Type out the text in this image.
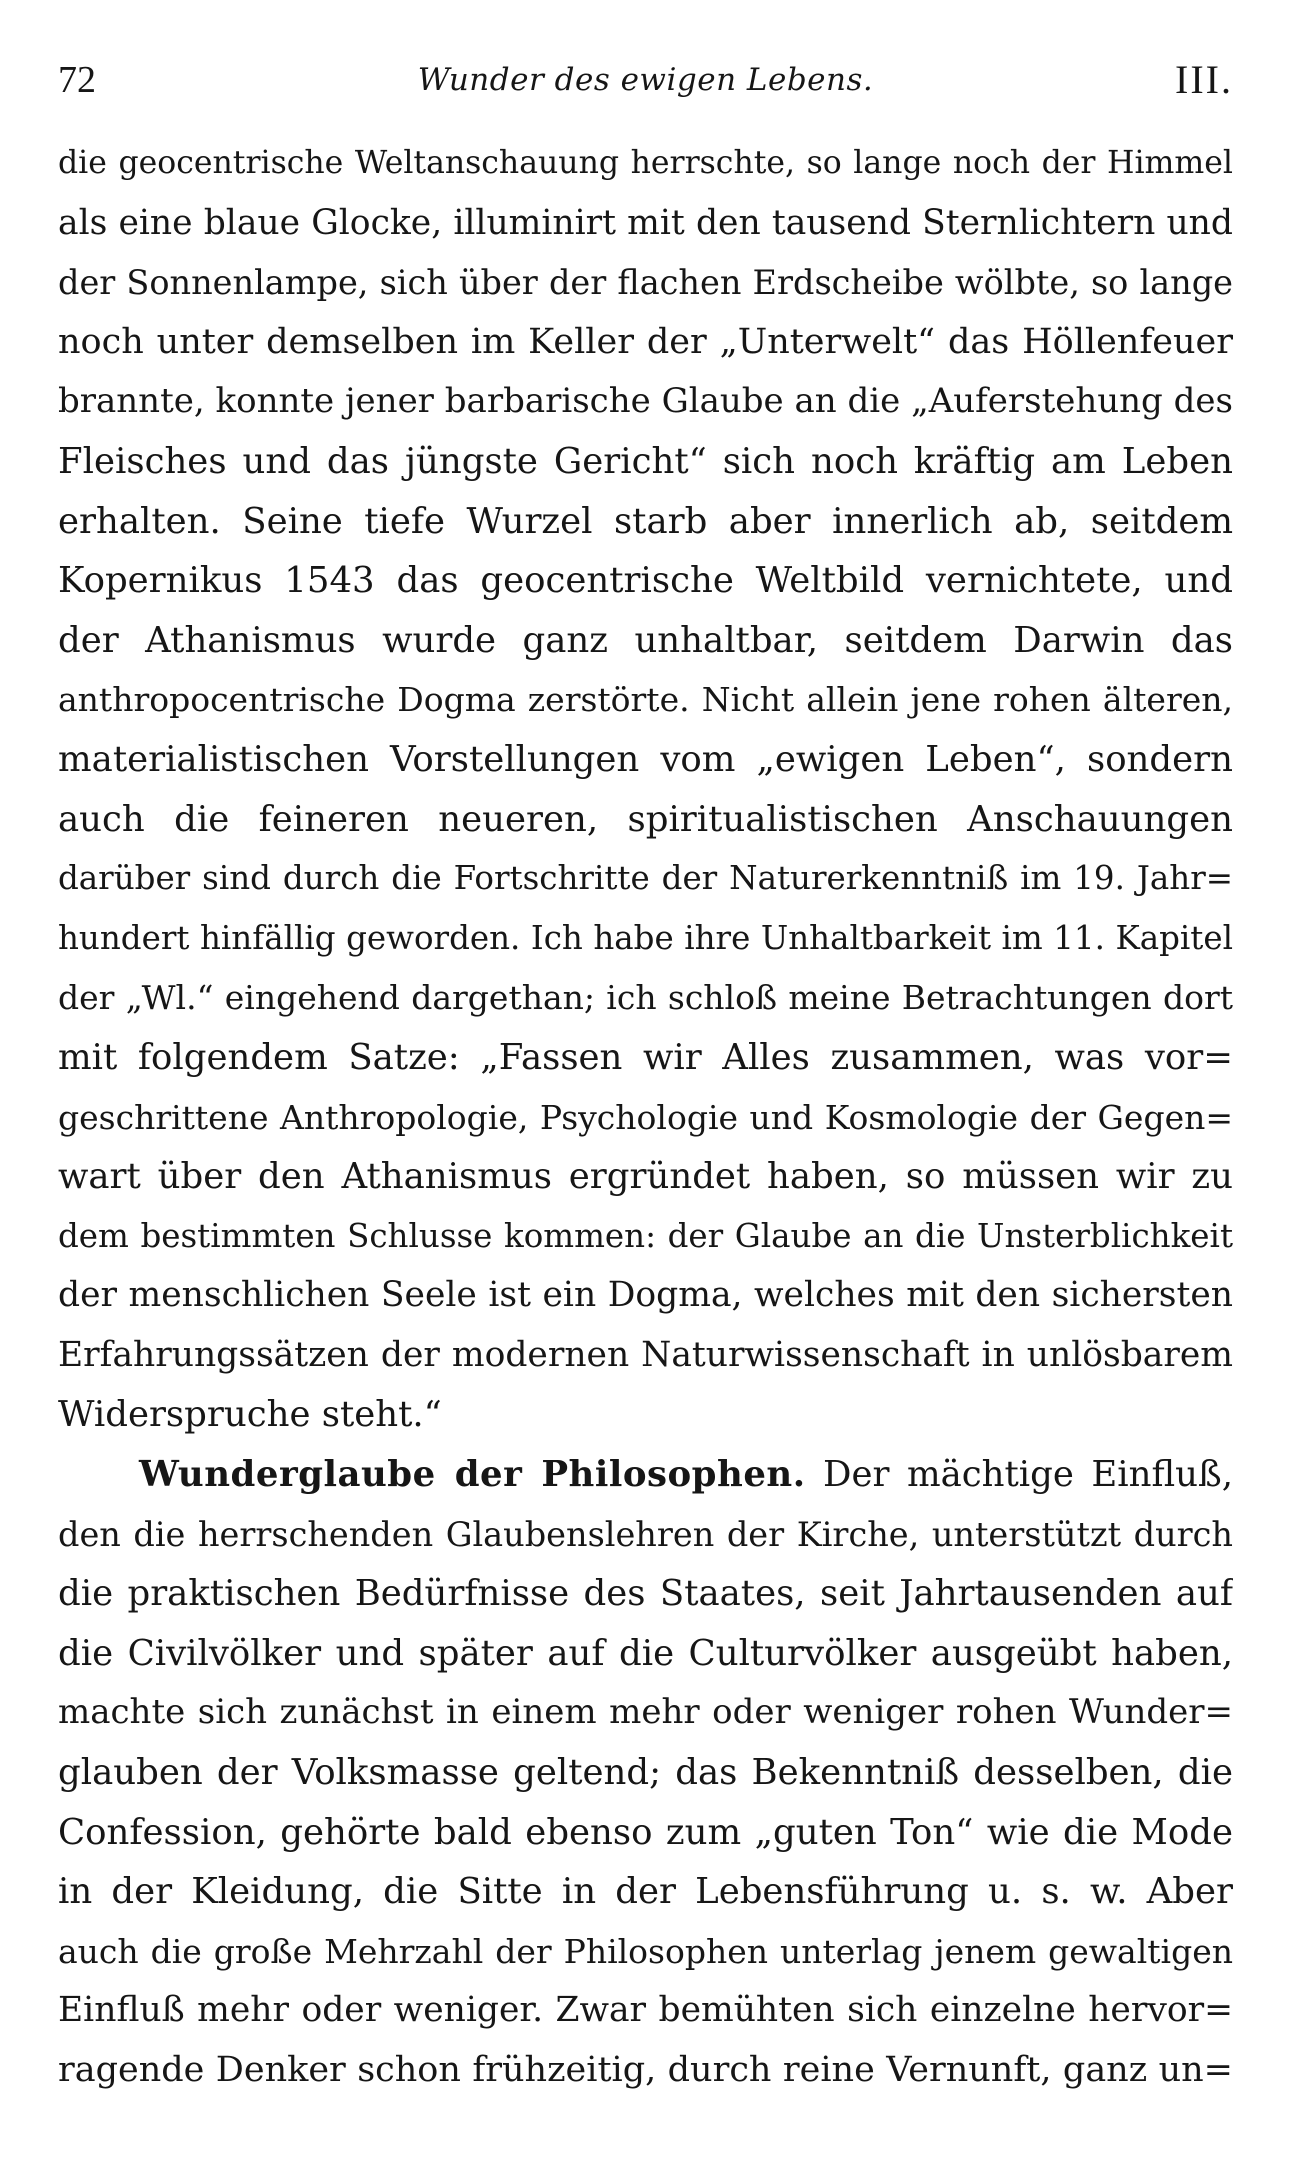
72	Wunder des ewigen Lebens.	III.
die geocentrische Weltanschauung herrschte, so lange noch der Himmel
als eine blaue Glocke, illuminirt mit den tausend Sternlichtern und
der Sonnenlampe, sich über der flachen Erdscheibe wölbte, so lange
noch unter demselben im Keller der „Unterwelt“ das Höllenfeuer
brannte, konnte jener barbarische Glaube an die „Auferstehung des
Fleisches und das jüngste Gericht“ sich noch kräftig am Leben
erhalten. Seine tiefe Wurzel starb aber innerlich ab, seitdem
Kopernikus 1543 das geocentrische Weltbild vernichtete, und
der Athanismus wurde ganz unhaltbar, seitdem Darwin das
anthropocentrische Dogma zerstörte. Nicht allein jene rohen älteren,
materialistischen Vorstellungen vom „ewigen Leben“, sondern
auch die feineren neueren, spiritualistischen Anschauungen
darüber sind durch die Fortschritte der Naturerkenntniß im 19. Jahr=
hundert hinfällig geworden. Ich habe ihre Unhaltbarkeit im 11. Kapitel
der „Wl.“ eingehend dargethan; ich schloß meine Betrachtungen dort
mit folgendem Satze: „Fassen wir Alles zusammen, was vor=
geschrittene Anthropologie, Psychologie und Kosmologie der Gegen=
wart über den Athanismus ergründet haben, so müssen wir zu
dem bestimmten Schlusse kommen: der Glaube an die Unsterblichkeit
der menschlichen Seele ist ein Dogma, welches mit den sichersten
Erfahrungssätzen der modernen Naturwissenschaft in unlösbarem
Widerspruche steht.“
Wunderglaube der Philosophen. Der mächtige Einfluß,
den die herrschenden Glaubenslehren der Kirche, unterstützt durch
die praktischen Bedürfnisse des Staates, seit Jahrtausenden auf
die Civilvölker und später auf die Culturvölker ausgeübt haben,
machte sich zunächst in einem mehr oder weniger rohen Wunder=
glauben der Volksmasse geltend; das Bekenntniß desselben, die
Confession, gehörte bald ebenso zum „guten Ton“ wie die Mode
in der Kleidung, die Sitte in der Lebensführung u. s. w. Aber
auch die große Mehrzahl der Philosophen unterlag jenem gewaltigen
Einfluß mehr oder weniger. Zwar bemühten sich einzelne hervor=
ragende Denker schon frühzeitig, durch reine Vernunft, ganz un=
